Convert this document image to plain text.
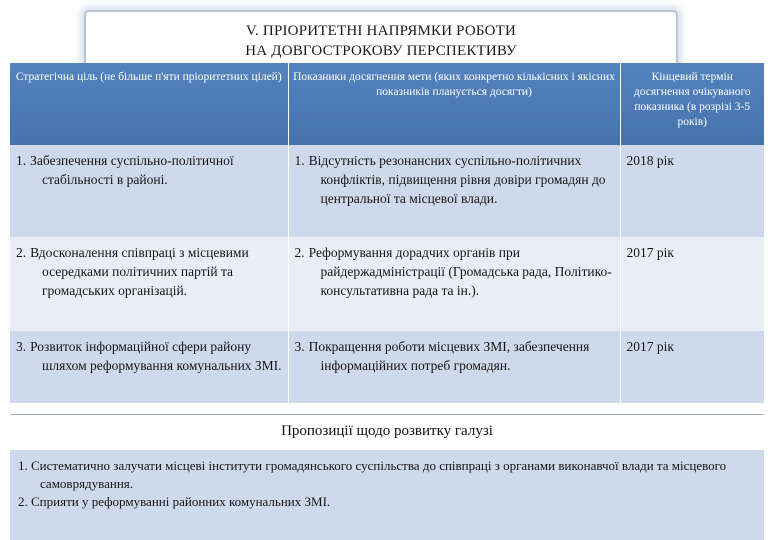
V. ПРІОРИТЕТНІ НАПРЯМКИ РОБОТИ
НА ДОВГОСТРОКОВУ ПЕРСПЕКТИВУ
Стратегічна ціль (не більше п'яти пріоритетних цілей)	Показники досягнення мети (яких конкретно кількісних і якісних показників планується досягти)	Кінцевий термін досягнення очікуваного показника (в розрізі 3-5 років)

1. Забезпечення суспільно-політичної стабільності в районі.	1. Відсутність резонансних суспільно-політичних конфліктів, підвищення рівня довіри громадян до центральної та місцевої влади.	2018 рік

2. Вдосконалення співпраці з місцевими осередками політичних партій та громадських організацій.	2. Реформування дорадчих органів при райдержадміністрації (Громадська рада, Політико-консультативна рада та ін.).	2017 рік

3. Розвиток інформаційної сфери району шляхом реформування комунальних ЗМІ.	3. Покращення роботи місцевих ЗМІ, забезпечення інформаційних потреб громадян.	2017 рік
Пропозиції щодо розвитку галузі
1. Систематично залучати місцеві інститути громадянського суспільства до співпраці з органами виконавчої влади та місцевого самоврядування.
2. Сприяти у реформуванні районних комунальних ЗМІ.
